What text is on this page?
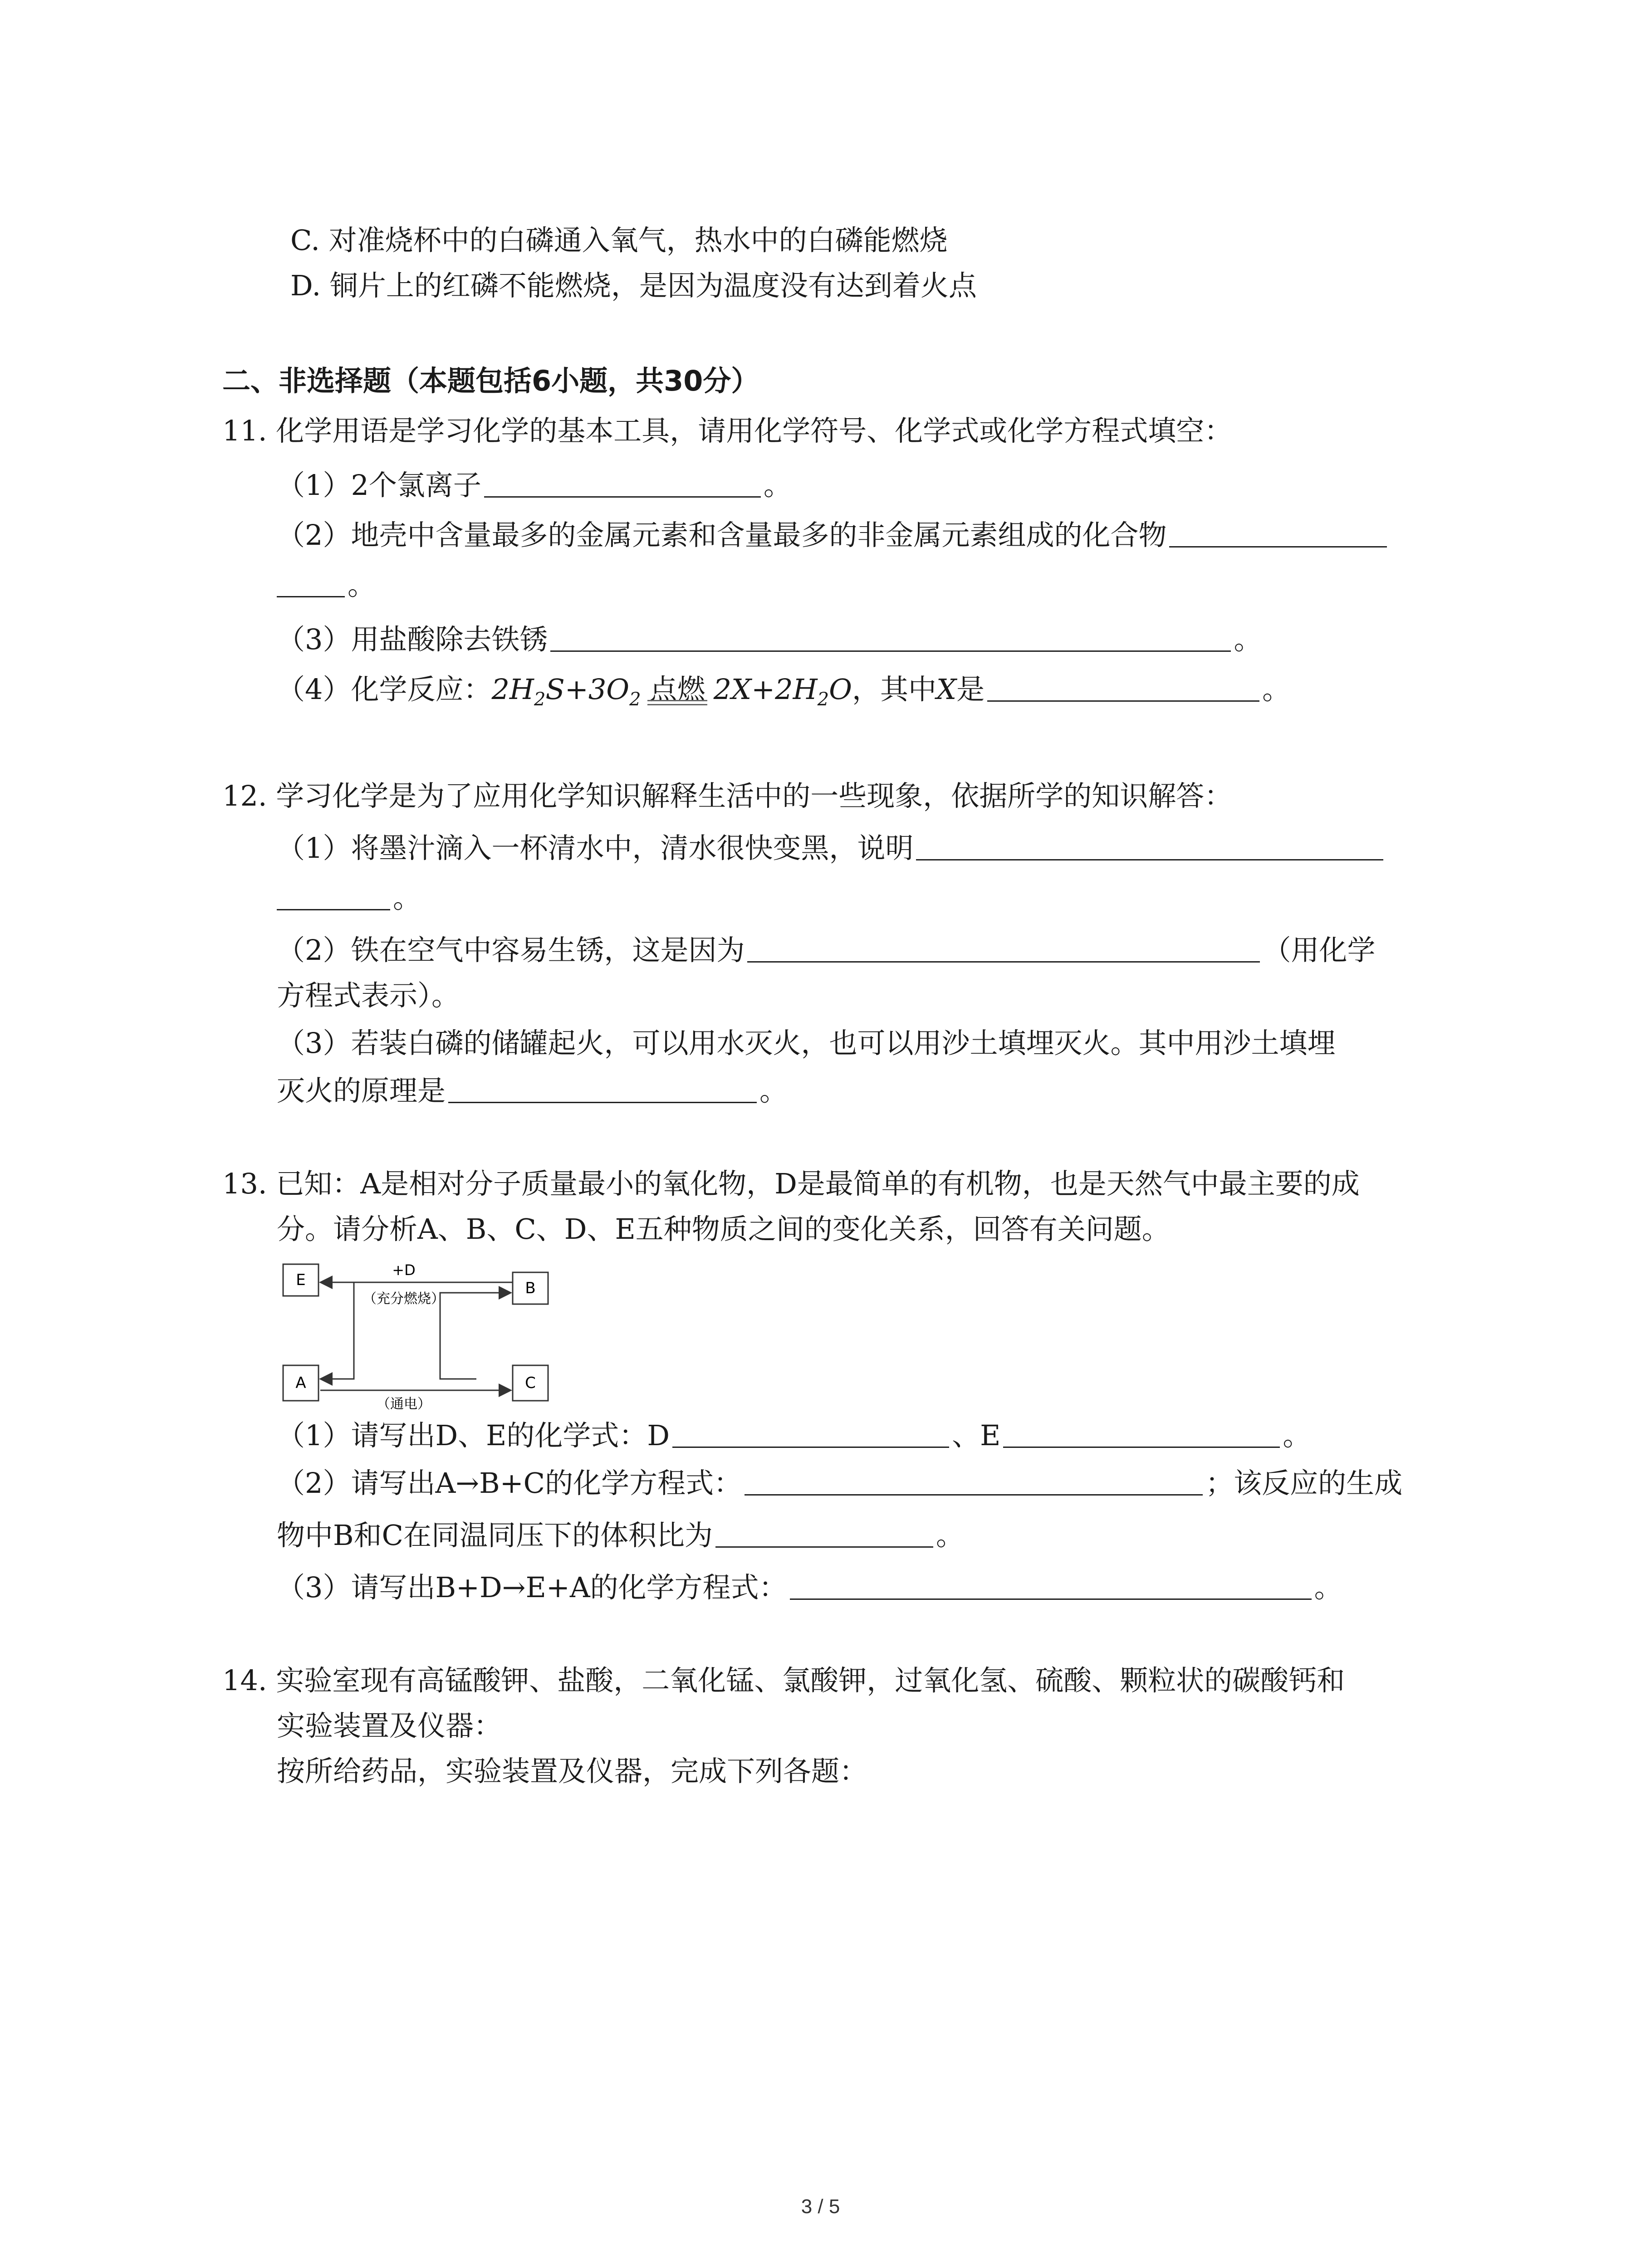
C. 对准烧杯中的白磷通入氧气，热水中的白磷能燃烧
D. 铜片上的红磷不能燃烧，是因为温度没有达到着火点
二、非选择题（本题包括6小题，共30分）
11. 化学用语是学习化学的基本工具，请用化学符号、化学式或化学方程式填空：
（1）2个氯离子	。
（2）地壳中含量最多的金属元素和含量最多的非金属元素组成的化合物
。
（3）用盐酸除去铁锈	。
（4）化学反应：$2H_2S+3O_2$ 点燃 $2X+2H_2O$，其中X是	。
12. 学习化学是为了应用化学知识解释生活中的一些现象，依据所学的知识解答：
（1）将墨汁滴入一杯清水中，清水很快变黑，说明
。
（2）铁在空气中容易生锈，这是因为	（用化学
方程式表示）。
（3）若装白磷的储罐起火，可以用水灭火，也可以用沙土填埋灭火。其中用沙土填埋
灭火的原理是	。
13. 已知：A是相对分子质量最小的氧化物，D是最简单的有机物，也是天然气中最主要的成
分。请分析A、B、C、D、E五种物质之间的变化关系，回答有关问题。
E	B
A	C
+D
（充分燃烧）
（通电）
（1）请写出D、E的化学式：D	、E	。
（2）请写出A→B+C的化学方程式：	；该反应的生成
物中B和C在同温同压下的体积比为	。
（3）请写出B+D→E+A的化学方程式：	。
14. 实验室现有高锰酸钾、盐酸，二氧化锰、氯酸钾，过氧化氢、硫酸、颗粒状的碳酸钙和
实验装置及仪器：
按所给药品，实验装置及仪器，完成下列各题：
3 / 5
